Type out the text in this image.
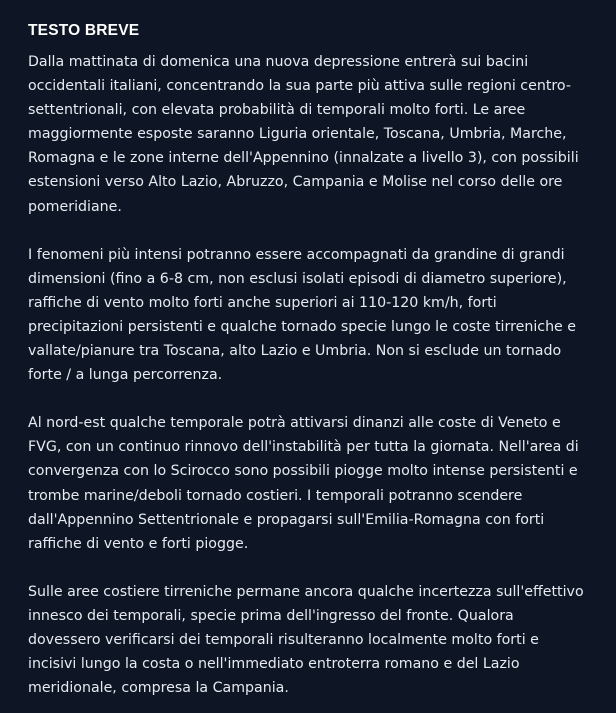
TESTO BREVE

Dalla mattinata di domenica una nuova depressione entrerà sui bacini occidentali italiani, concentrando la sua parte più attiva sulle regioni centro-settentrionali, con elevata probabilità di temporali molto forti. Le aree maggiormente esposte saranno Liguria orientale, Toscana, Umbria, Marche, Romagna e le zone interne dell'Appennino (innalzate a livello 3), con possibili estensioni verso Alto Lazio, Abruzzo, Campania e Molise nel corso delle ore pomeridiane.

I fenomeni più intensi potranno essere accompagnati da grandine di grandi dimensioni (fino a 6-8 cm, non esclusi isolati episodi di diametro superiore), raffiche di vento molto forti anche superiori ai 110-120 km/h, forti precipitazioni persistenti e qualche tornado specie lungo le coste tirreniche e vallate/pianure tra Toscana, alto Lazio e Umbria. Non si esclude un tornado forte / a lunga percorrenza.

Al nord-est qualche temporale potrà attivarsi dinanzi alle coste di Veneto e FVG, con un continuo rinnovo dell'instabilità per tutta la giornata. Nell'area di convergenza con lo Scirocco sono possibili piogge molto intense persistenti e trombe marine/deboli tornado costieri. I temporali potranno scendere dall'Appennino Settentrionale e propagarsi sull'Emilia-Romagna con forti raffiche di vento e forti piogge.

Sulle aree costiere tirreniche permane ancora qualche incertezza sull'effettivo innesco dei temporali, specie prima dell'ingresso del fronte. Qualora dovessero verificarsi dei temporali risulteranno localmente molto forti e incisivi lungo la costa o nell'immediato entroterra romano e del Lazio meridionale, compresa la Campania.
